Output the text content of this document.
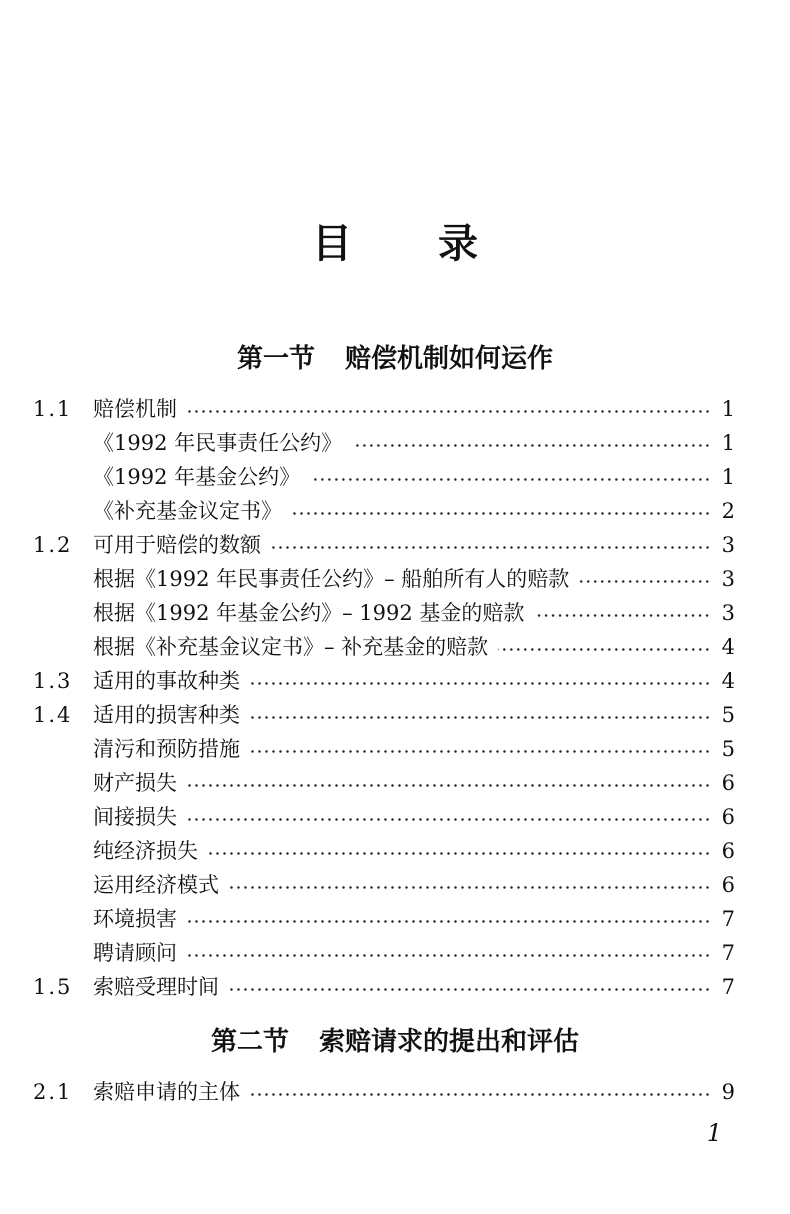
目 录
第一节 赔偿机制如何运作
1.1 赔偿机制	1
《1992 年民事责任公约》	1
《1992 年基金公约》	1
《补充基金议定书》	2
1.2 可用于赔偿的数额	3
根据《1992 年民事责任公约》– 船舶所有人的赔款	3
根据《1992 年基金公约》– 1992 基金的赔款	3
根据《补充基金议定书》– 补充基金的赔款	4
1.3 适用的事故种类	4
1.4 适用的损害种类	5
清污和预防措施	5
财产损失	6
间接损失	6
纯经济损失	6
运用经济模式	6
环境损害	7
聘请顾问	7
1.5 索赔受理时间	7
第二节 索赔请求的提出和评估
2.1 索赔申请的主体	9
1
